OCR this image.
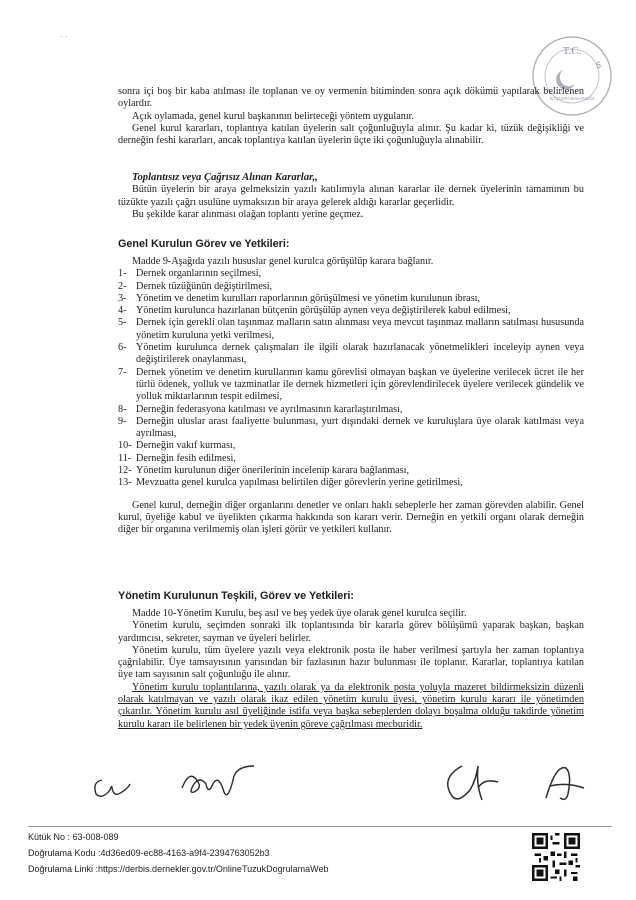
‐ ‐
T.C.
6
İÇİŞLERİ BAKANLIĞI

sonra içi boş bir kaba atılması ile toplanan ve oy vermenin bitiminden sonra açık dökümü yapılarak belirlenen oylardır.

Açık oylamada, genel kurul başkanının belirteceği yöntem uygulanır.

Genel kurul kararları, toplantıya katılan üyelerin salt çoğunluğuyla alınır. Şu kadar ki, tüzük değişikliği ve derneğin feshi kararları, ancak toplantıya katılan üyelerin üçte iki çoğunluğuyla alınabilir.

Toplantısız veya Çağrısız Alınan Kararlar,,

Bütün üyelerin bir araya gelmeksizin yazılı katılımıyla alınan kararlar ile dernek üyelerinin tamamının bu tüzükte yazılı çağrı usulüne uymaksızın bir araya gelerek aldığı kararlar geçerlidir.

Bu şekilde karar alınması olağan toplantı yerine geçmez.

Genel Kurulun Görev ve Yetkileri:

Madde 9-Aşağıda yazılı hususlar genel kurulca görüşülüp karara bağlanır.

1- Dernek organlarının seçilmesi,
2- Dernek tüzüğünün değiştirilmesi,
3- Yönetim ve denetim kurulları raporlarının görüşülmesi ve yönetim kurulunun ibrası,
4- Yönetim kurulunca hazırlanan bütçenin görüşülüp aynen veya değiştirilerek kabul edilmesi,
5- Dernek için gerekli olan taşınmaz malların satın alınması veya mevcut taşınmaz malların satılması hususunda yönetim kuruluna yetki verilmesi,
6- Yönetim kurulunca dernek çalışmaları ile ilgili olarak hazırlanacak yönetmelikleri inceleyip aynen veya değiştirilerek onaylanması,
7- Dernek yönetim ve denetim kurullarının kamu görevlisi olmayan başkan ve üyelerine verilecek ücret ile her türlü ödenek, yolluk ve tazminatlar ile dernek hizmetleri için görevlendirilecek üyelere verilecek gündelik ve yolluk miktarlarının tespit edilmesi,
8- Derneğin federasyona katılması ve ayrılmasının kararlaştırılması,
9- Derneğin uluslar arası faaliyette bulunması, yurt dışındaki dernek ve kuruluşlara üye olarak katılması veya ayrılması,
10- Derneğin vakıf kurması,
11- Derneğin fesih edilmesi,
12- Yönetim kurulunun diğer önerilerinin incelenip karara bağlanması,
13- Mevzuatta genel kurulca yapılması belirtilen diğer görevlerin yerine getirilmesi,

Genel kurul, derneğin diğer organlarını denetler ve onları haklı sebeplerle her zaman görevden alabilir. Genel kurul, üyeliğe kabul ve üyelikten çıkarma hakkında son kararı verir. Derneğin en yetkili organı olarak derneğin diğer bir organına verilmemiş olan işleri görür ve yetkileri kullanır.

Yönetim Kurulunun Teşkili, Görev ve Yetkileri:

Madde 10-Yönetim Kurulu, beş asıl ve beş yedek üye olarak genel kurulca seçilir.

Yönetim kurulu, seçimden sonraki ilk toplantısında bir kararla görev bölüşümü yaparak başkan, başkan yardımcısı, sekreter, sayman ve üyeleri belirler.

Yönetim kurulu, tüm üyelere yazılı veya elektronik posta ile haber verilmesi şartıyla her zaman toplantıya çağrılabilir. Üye tamsayısının yarısından bir fazlasının hazır bulunması ile toplanır. Kararlar, toplantıya katılan üye tam sayısının salt çoğunluğu ile alınır.

Yönetim kurulu toplantılarına, yazılı olarak ya da elektronik posta yoluyla mazeret bildirmeksizin düzenli olarak katılmayan ve yazılı olarak ikaz edilen yönetim kurulu üyesi, yönetim kurulu kararı ile yönetimden çıkarılır. Yönetim kurulu asıl üyeliğinde istifa veya başka sebeplerden dolayı boşalma olduğu takdirde yönetim kurulu kararı ile belirlenen bir yedek üyenin göreve çağrılması mecburidir.

Kütük No : 63-008-089
Doğrulama Kodu :4d36ed09-ec88-4163-a9f4-2394763052b3
Doğrulama Linki :https://derbis.dernekler.gov.tr/OnlineTuzukDogrulamaWeb
